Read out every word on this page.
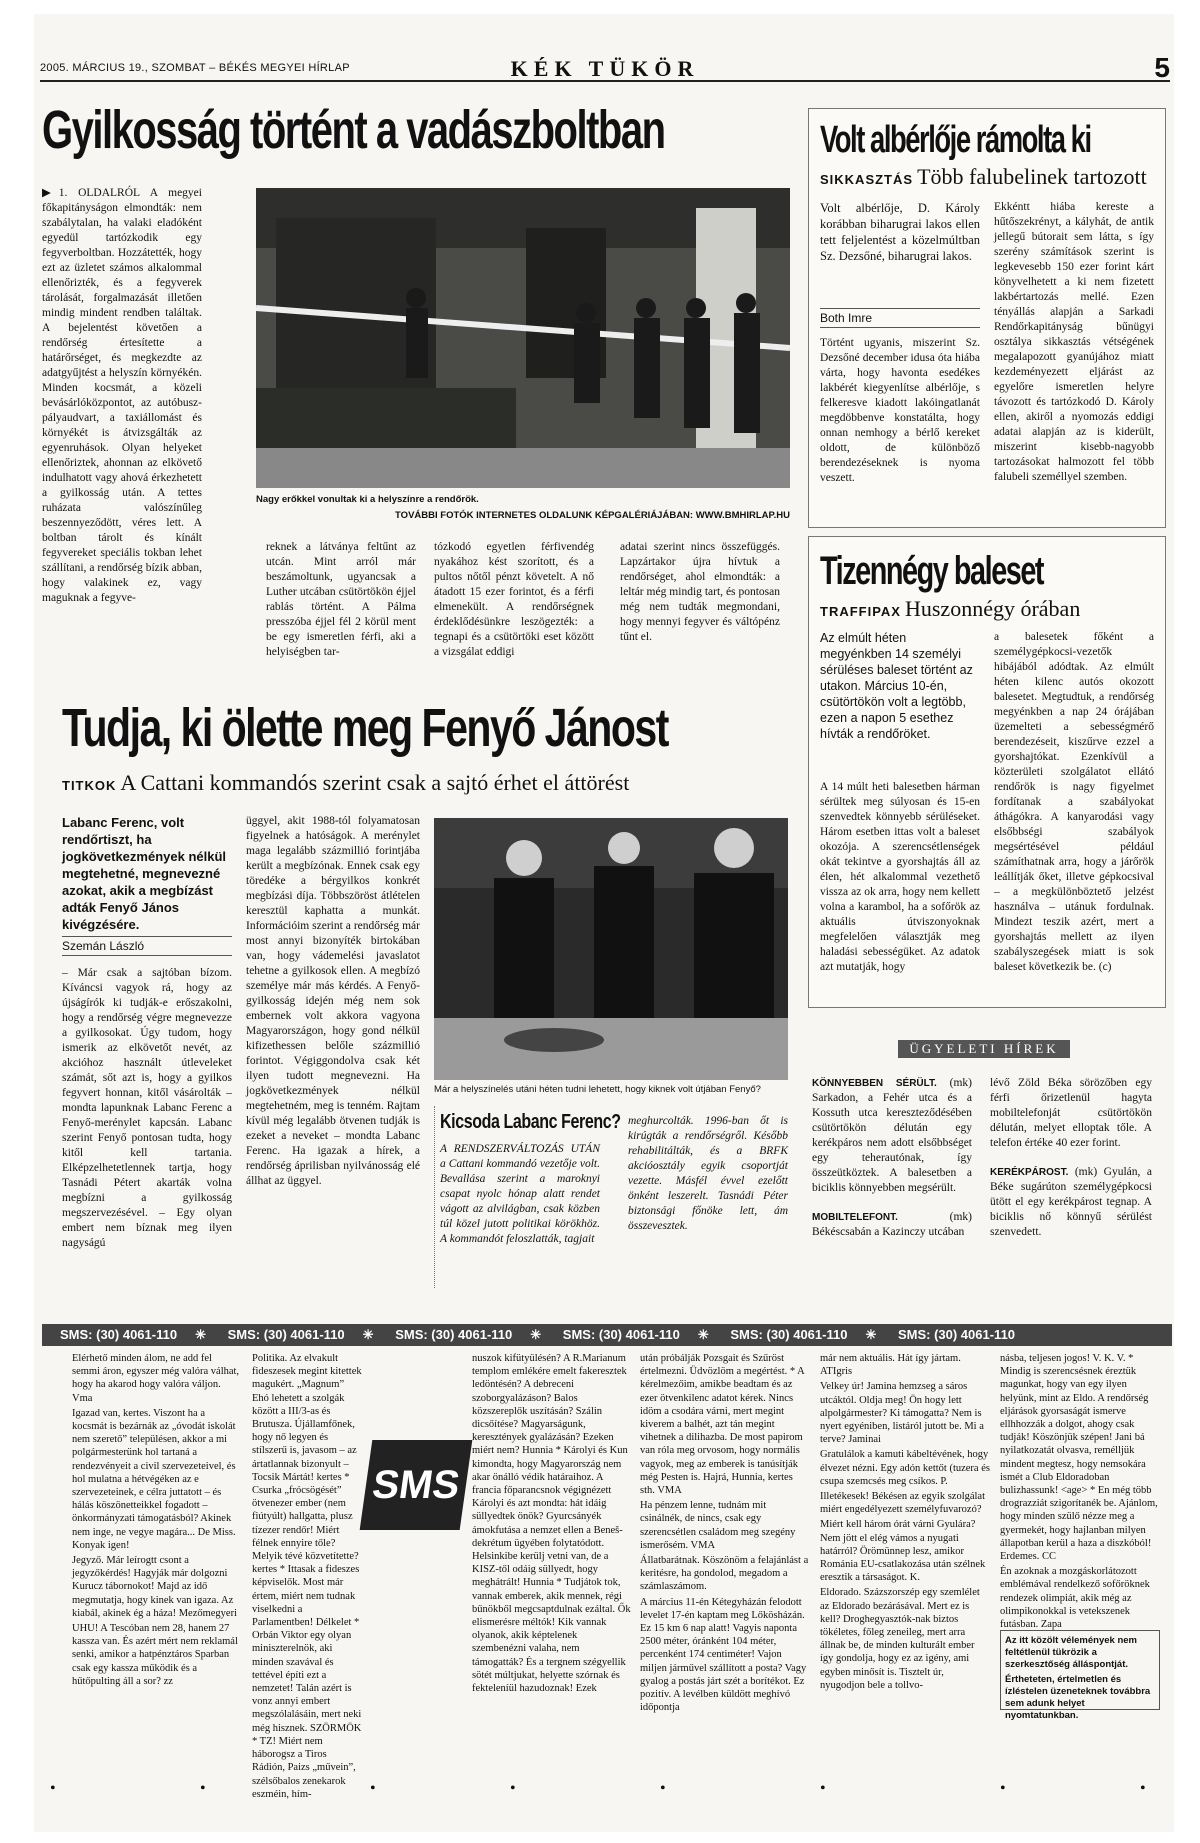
2005. MÁRCIUS 19., SZOMBAT – BÉKÉS MEGYEI HÍRLAP	KÉK TÜKÖR	5
Gyilkosság történt a vadászboltban
▶1. OLDALRÓL A megyei főkapitányságon elmondták: nem szabálytalan, ha valaki eladóként egyedül tartózkodik egy fegyverboltban. Hozzátették, hogy ezt az üzletet számos alkalommal ellenőrizték, és a fegyverek tárolását, forgalmazását illetően mindig mindent rendben találtak. A bejelentést követően a rendőrség értesítette a határőrséget, és megkezdte az adatgyűjtést a helyszín környékén. Minden kocsmát, a közeli bevásárlóközpontot, az autóbusz-pályaudvart, a taxiállomást és környékét is átvizsgálták az egyenruhások. Olyan helyeket ellenőriztek, ahonnan az elkövető indulhatott vagy ahová érkezhetett a gyilkosság után. A tettes ruházata valószínűleg beszennyeződött, véres lett. A boltban tárolt és kínált fegyvereket speciális tokban lehet szállítani, a rendőrség bízik abban, hogy valakinek ez, vagy maguknak a fegyve-
Nagy erőkkel vonultak ki a helyszínre a rendőrök.
TOVÁBBI FOTÓK INTERNETES OLDALUNK KÉPGALÉRIÁJÁBAN: WWW.BMHIRLAP.HU
reknek a látványa feltűnt az utcán. Mint arról már beszámoltunk, ugyancsak a Luther utcában csütörtökön éjjel rablás történt. A Pálma presszóba éjjel fél 2 körül ment be egy ismeretlen férfi, aki a helyiségben tar-
tózkodó egyetlen férfivendég nyakához kést szorított, és a pultos nőtől pénzt követelt. A nő átadott 15 ezer forintot, és a férfi elmenekült. A rendőrségnek érdeklődésünkre leszögezték: a tegnapi és a csütörtöki eset között a vizsgálat eddigi
adatai szerint nincs összefüggés. Lapzártakor újra hívtuk a rendőrséget, ahol elmondták: a leltár még mindig tart, és pontosan még nem tudták megmondani, hogy mennyi fegyver és váltópénz tűnt el.
Volt albérlője rámolta ki
SIKKASZTÁS Több falubelinek tartozott
Volt albérlője, D. Károly korábban biharugrai lakos ellen tett feljelentést a közelmúltban Sz. Dezsőné, biharugrai lakos.
Both Imre
Történt ugyanis, miszerint Sz. Dezsőné december idusa óta hiába várta, hogy havonta esedékes lakbérét kiegyenlítse albérlője, s felkeresve kiadott lakóingatlanát megdöbbenve konstatálta, hogy onnan nemhogy a bérlő kereket oldott, de különböző berendezéseknek is nyoma veszett.
Ekkéntt hiába kereste a hűtőszekrényt, a kályhát, de antik jellegű bútorait sem látta, s így szerény számítások szerint is legkevesebb 150 ezer forint kárt könyvelhetett a ki nem fizetett lakbértartozás mellé. Ezen tényállás alapján a Sarkadi Rendőrkapitányság bűnügyi osztálya sikkasztás vétségének megalapozott gyanújához miatt kezdeményezett eljárást az egyelőre ismeretlen helyre távozott és tartózkodó D. Károly ellen, akiről a nyomozás eddigi adatai alapján az is kiderült, miszerint kisebb-nagyobb tartozásokat halmozott fel több falubeli személlyel szemben.
Tizennégy baleset
TRAFFIPAX Huszonnégy órában
Az elmúlt héten megyénkben 14 személyi sérüléses baleset történt az utakon. Március 10-én, csütörtökön volt a legtöbb, ezen a napon 5 esethez hívták a rendőröket.
A 14 múlt heti balesetben hárman sérültek meg súlyosan és 15-en szenvedtek könnyebb sérüléseket. Három esetben ittas volt a baleset okozója. A szerencsétlenségek okát tekintve a gyorshajtás áll az élen, hét alkalommal vezethető vissza az ok arra, hogy nem kellett volna a karambol, ha a sofőrök az aktuális útviszonyoknak megfelelően választják meg haladási sebességüket. Az adatok azt mutatják, hogy
a balesetek főként a személygépkocsi-vezetők hibájából adódtak. Az elmúlt héten kilenc autós okozott balesetet. Megtudtuk, a rendőrség megyénkben a nap 24 órájában üzemelteti a sebességmérő berendezéseit, kiszűrve ezzel a gyorshajtókat. Ezenkívül a közterületi szolgálatot ellátó rendőrök is nagy figyelmet fordítanak a szabályokat áthágókra. A kanyarodási vagy elsőbbségi szabályok megsértésével például számíthatnak arra, hogy a járőrök leállítják őket, illetve gépkocsival – a megkülönböztető jelzést használva – utánuk fordulnak. Mindezt teszik azért, mert a gyorshajtás mellett az ilyen szabálysze​gések miatt is sok baleset következik be. (c)
Tudja, ki ölette meg Fenyő Jánost
TITKOK A Cattani kommandós szerint csak a sajtó érhet el áttörést
Labanc Ferenc, volt rendőrtiszt, ha jogkövetkezmények nélkül megtehetné, megnevezné azokat, akik a megbízást adták Fenyő János kivégzésére.
Szemán László
– Már csak a sajtóban bízom. Kíváncsi vagyok rá, hogy az újságírók ki tudják-e erőszakolni, hogy a rendőrség végre megnevezze a gyilkosokat. Úgy tudom, hogy ismerik az elkövetőt nevét, az akcióhoz használt útleveleket számát, sőt azt is, hogy a gyilkos fegyvert honnan, kitől vásárolták – mondta lapunknak Labanc Ferenc a Fenyő-merénylet kapcsán. Labanc szerint Fenyő pontosan tudta, hogy kitől kell tartania. Elképzelhetetlennek tartja, hogy Tasnádi Pétert akarták volna megbízni a gyilkosság megszervezésével. – Egy olyan embert nem bíznak meg ilyen nagyságú
üggyel, akit 1988-tól folyamatosan figyelnek a hatóságok. A merénylet maga legalább százmillió forintjába került a megbízónak. Ennek csak egy töredéke a bérgyilkos konkrét megbízási díja. Többszöröst átlételen keresztül kaphatta a munkát. Információim szerint a rendőrség már most annyi bizonyíték birtokában van, hogy vádemelési javaslatot tehetne a gyilkosok ellen. A megbízó személye már más kérdés. A Fenyő-gyilkosság idején még nem sok embernek volt akkora vagyona Magyarországon, hogy gond nélkül kifizethessen belőle százmillió forintot. Végiggondolva csak két ilyen tudott megnevezni. Ha jogkövetkezmények nélkül megtehetném, meg is tenném. Rajtam kívül még legalább ötvenen tudják is ezeket a neveket – mondta Labanc Ferenc. Ha igazak a hírek, a rendőrség áprilisban nyilvánosság elé állhat az üggyel.
Már a helyszínelés utáni héten tudni lehetett, hogy kiknek volt útjában Fenyő?
Kicsoda Labanc Ferenc?
A RENDSZERVÁLTOZÁS UTÁN a Cattani kommandó vezetője volt. Bevallása szerint a maroknyi csapat nyolc hónap alatt rendet vágott az alvilágban, csak közben túl közel jutott politikai körökhöz. A kommandót feloszlatták, tagjait
meghurcolták. 1996-ban őt is kirúgták a rendőrségről. Később rehabilitálták, és a BRFK akcióosztály egyik csoportját vezette. Másfél évvel ezelőtt önként leszerelt. Tasnádi Péter biztonsági főnöke lett, ám összevesztek.
ÜGYELETI HÍREK

KÖNNYEBBEN SÉRÜLT. (mk) Sarkadon, a Fehér utca és a Kossuth utca kereszteződésében csütörtökön délután egy kerékpáros nem adott elsőbbséget egy teherautónak, így összeütköztek. A balesetben a biciklis könnyebben megsérült.

MOBILTELEFONT.	(mk) Békéscsabán a Kazinczy utcában

lévő Zöld Béka sörözőben egy férfi őrizetlenül hagyta mobiltelefonját csütörtökön délután, melyet elloptak tőle. A telefon értéke 40 ezer forint.

KERÉKPÁROST. (mk) Gyulán, a Béke sugárúton személygépkocsi ütött el egy kerékpárost tegnap. A biciklis nő könnyű sérülést szenvedett.

SMS: (30) 4061-110 ✳ SMS: (30) 4061-110 ✳ SMS: (30) 4061-110 ✳ SMS: (30) 4061-110 ✳ SMS: (30) 4061-110 ✳ SMS: (30) 4061-110

Elérhető minden álom, ne add fel semmi áron, egyszer még valóra válhat, hogy ha akarod hogy valóra váljon. Vma

Igazad van, kertes. Viszont ha a kocsmát is bezárnák az „óvodát iskolát nem szerető” településen, akkor a mi polgármesterünk hol tartaná a rendezvényeit a civil szervezeteivel, és hol mulatna a hétvégéken az e szervezeteinek, e célra juttatott – és hálás köszönetteikkel fogadott – önkormányzati támogatásból? Akinek nem inge, ne vegye magára... De Miss. Konyak igen!

Jegyző. Már leírogtt csont a jegyzőkérdés! Hagyják már dolgozni Kurucz tábornokot! Majd az idő megmutatja, hogy kinek van igaza. Az kiabál, akinek ég a háza! Mezőmegyeri

UHU! A Tescóban nem 28, hanem 27 kassza van. És azért mért nem reklamál senki, amikor a hatpénztáros Sparban csak egy kassza működik és a hűtőpulting áll a sor? zz

SMS

Politika. Az elvakult fideszesek megint kitettek magukért. „Magnum” Ehó lehetett a szolgák között a III/3-as és Brutusza. Újállamfőnek, hogy nő legyen és stílszerű is, javasom – az ártatlannak bizonyult – Tocsik Mártát! kertes * Csurka „frócsögését” ötvenezer ember (nem fiútyúlt) hallgatta, plusz tízezer rendőr! Miért félnek ennyire tőle? Melyik tévé közvetítette? kertes * Ittasak a fideszes képviselők. Most már értem, miért nem tudnak viselkedni a Parlamentben! Délkelet * Orbán Viktor egy olyan miniszterelnök, aki minden szavával és tettével építi ezt a nemzetet! Talán azért is vonz annyi embert megszólalásáin, mert neki még hisznek. SZÖRMÖK * TZ! Miért nem háborogsz a Tiros Rádión, Paizs „művein”, szélsőbalos zenekarok eszméin, hím-

nuszok kifütyülésén? A R.Marianum templom emlékére emelt fakeresztek ledöntésén? A debreceni szoborgyalázáson? Balos közszereplők uszításán? Szálin dicsőítése? Magyarságunk, keresztények gyalázásán? Ezeken miért nem? Hunnia * Károlyi és Kun kimondta, hogy Magyarország nem akar önálló védik határaihoz. A francia főparancsnok végignézett Károlyi és azt mondta: hát idáig süllyedtek önök? Gyurcsányék ámokfutása a nemzet ellen a Beneš-dekrétum ügyében folytatódott. Helsinkibe kerülj vetni van, de a KISZ-től odáig süllyedt, hogy meghátrált! Hunnia * Tudjátok tok, vannak emberek, akik mennek, régi bűnökből megcsaptdulnak ezáltal. Ők elismerésre méltók! Kik vannak olyanok, akik képtelenek szembenézni valaha, nem támogatták? És a tergnem szégyellik sötét múltjukat, helyette szórnak és fekteleníül hazudoznak! Ezek

után próbálják Pozsgait és Szűröst értelmezni. Üdvözlöm a megértést. * A kérelmezőim, amikbe beadtam és az ezer ötvenkilenc adatot kérek. Nincs idöm a csodára várni, mert megint kiverem a balhét, azt tán megint vihetnek a dilihazba. De most papirom van róla meg orvosom, hogy normális vagyok, meg az emberek is tanúsítják még Pesten is. Hajrá, Hunnia, kertes sth. VMA

Ha pénzem lenne, tudnám mit csinálnék, de nincs, csak egy szerencsétlen családom meg szegény ismerősém. VMA

Állatbarátnak. Köszönöm a felajánlást a keritésre, ha gondolod, megadom a számlaszámom.

A március 11-én Kétegyházán felodott levelet 17-én kaptam meg Lőkösházán. Ez 15 km 6 nap alatt! Vagyis naponta 2500 méter, óránként 104 méter, percenként 174 centiméter! Vajon miljen járművel szállított a posta? Vagy gyalog a postás járt szét a borítékot. Ez pozitív. A levélben küldött meghívó időpontja

már nem aktuális. Hát így jártam. ATIgris

Velkey úr! Jamina hemzseg a sáros utcáktól. Oldja meg! Ön hogy lett alpolgármester? Ki támogatta? Nem is nyert egyéniben, listáról jutott be. Mi a terve? Jaminai

Gratulálok a kamuti kábeltévének, hogy élvezet nézni. Egy adón kettőt (tuzera és csupa szemcsés meg csíkos. P.

Illetékesek! Békésen az egyik szolgálat miért engedélyezett személyfuvarozó?

Miért kell három órát várni Gyulára? Nem jött el elég vámos a nyugati határról? Örömünnep lesz, amikor Románia EU-csatlakozása után szélnek eresztik a társaságot. K.

Eldorado. Százszorszép egy szemlélet az Eldorado bezárásával. Mert ez is kell? Droghegyasztók-nak biztos tökéletes, főleg zeneileg, mert arra állnak be, de minden kulturált ember így gondolja, hogy ez az igény, ami egyben minősít is. Tisztelt úr, nyugodjon bele a tollvo-

násba, teljesen jogos! V. K. V. * Mindig is szerencsésnek éreztük magunkat, hogy van egy ilyen helyünk, mint az Eldo. A rendőrség eljárások gyorsaságát ismerve ellhhozzák a dolgot, ahogy csak tudják! Köszönjük szépen! Jani bá nyilatkozatát olvasva, remélljük mindent megtesz, hogy nemsokára ismét a Club Eldoradoban bulizhassunk! <age> * En még több drograzziát szigorítanék be. Ajánlom, hogy minden szülő nézze meg a gyermekét, hogy hajlanban milyen állapotban kerül a haza a diszkóból! Erdemes. CC

Én azoknak a mozgáskorlátozott emblémával rendelkező sofőröknek rendezek olimpiát, akik még az olimpikonokkal is vetekszenek futásban. Zapa

Az itt közölt vélemények nem feltétlenül tükrözik a szerkesztőség álláspontját.
Értheteten, értelmetlen és ízléstelen üzeneteknek továbbra sem adunk helyet nyomtatunkban.
•	•	•	•	•	•	•	•
